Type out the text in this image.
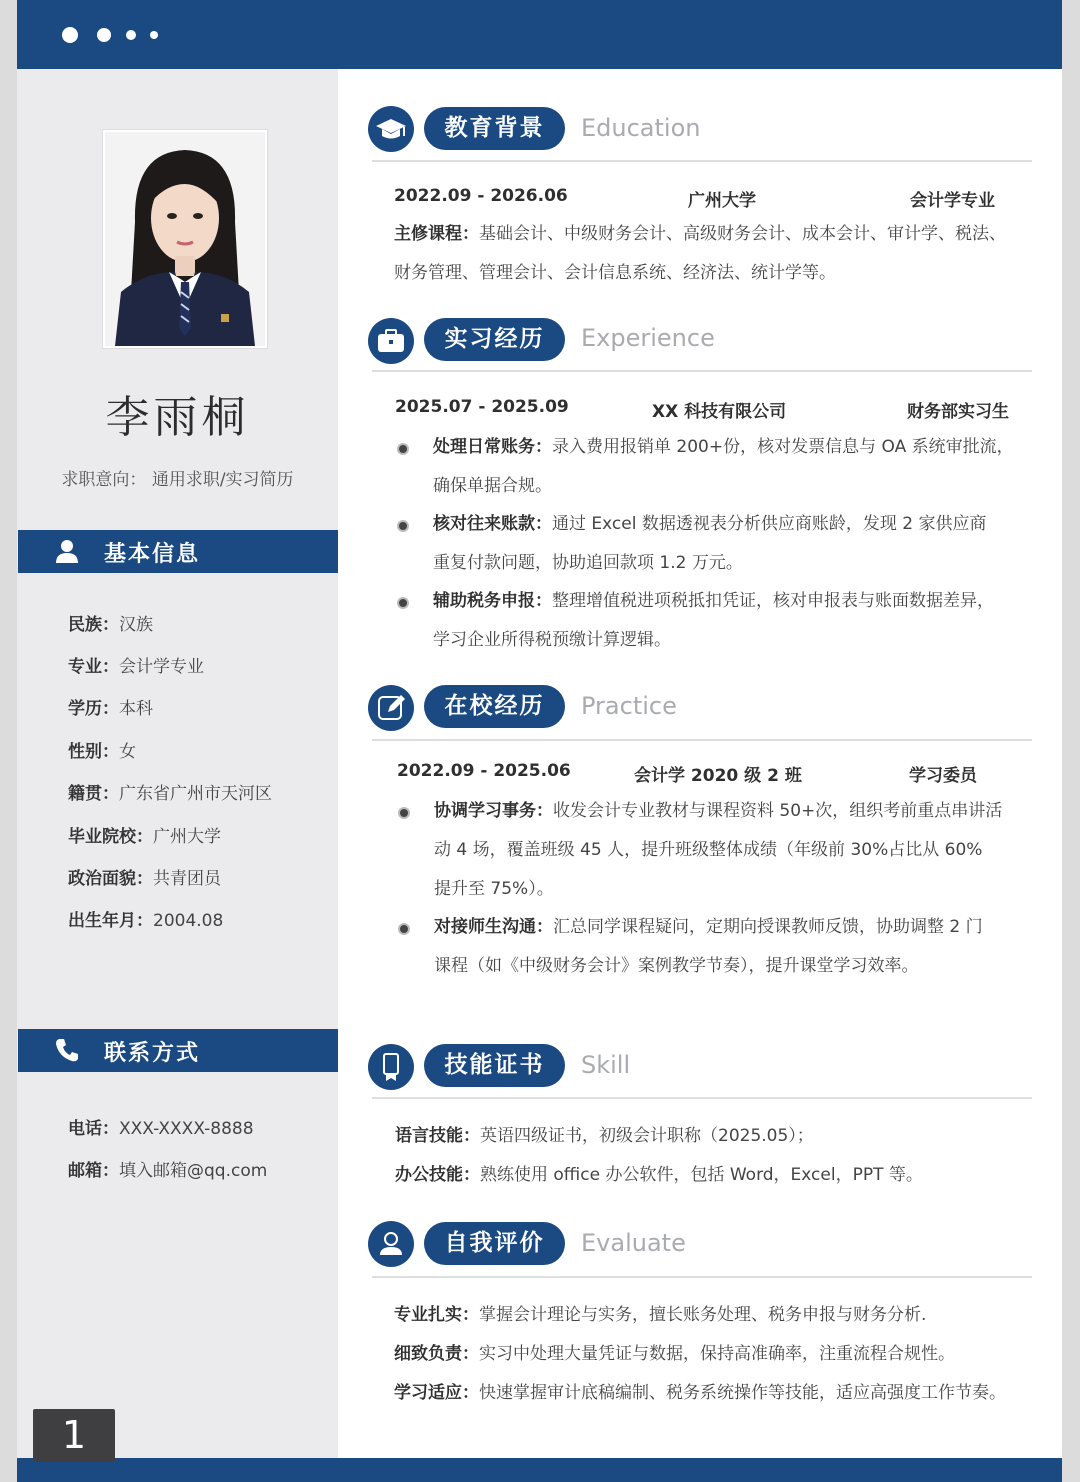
李雨桐
求职意向： 通用求职/实习简历
基本信息
民族：汉族
专业：会计学专业
学历：本科
性别：女
籍贯：广东省广州市天河区
毕业院校：广州大学
政治面貌：共青团员
出生年月：2004.08
联系方式
电话：XXX-XXXX-8888
邮箱：填入邮箱@qq.com
教育背景	Education
2022.09 - 2026.06	广州大学	会计学专业
主修课程：基础会计、中级财务会计、高级财务会计、成本会计、审计学、税法、
财务管理、管理会计、会计信息系统、经济法、统计学等。
实习经历	Experience
2025.07 - 2025.09	XX 科技有限公司	财务部实习生
处理日常账务：录入费用报销单 200+份，核对发票信息与 OA 系统审批流，
确保单据合规。
核对往来账款：通过 Excel 数据透视表分析供应商账龄，发现 2 家供应商
重复付款问题，协助追回款项 1.2 万元。
辅助税务申报：整理增值税进项税抵扣凭证，核对申报表与账面数据差异，
学习企业所得税预缴计算逻辑。
在校经历	Practice
2022.09 - 2025.06	会计学 2020 级 2 班	学习委员
协调学习事务：收发会计专业教材与课程资料 50+次，组织考前重点串讲活
动 4 场，覆盖班级 45 人，提升班级整体成绩（年级前 30%占比从 60%
提升至 75%）。
对接师生沟通：汇总同学课程疑问，定期向授课教师反馈，协助调整 2 门
课程（如《中级财务会计》案例教学节奏），提升课堂学习效率。
技能证书	Skill
语言技能：英语四级证书，初级会计职称（2025.05）；
办公技能：熟练使用 office 办公软件，包括 Word，Excel，PPT 等。
自我评价	Evaluate
专业扎实：掌握会计理论与实务，擅长账务处理、税务申报与财务分析.
细致负责：实习中处理大量凭证与数据，保持高准确率，注重流程合规性。
学习适应：快速掌握审计底稿编制、税务系统操作等技能，适应高强度工作节奏。
1
